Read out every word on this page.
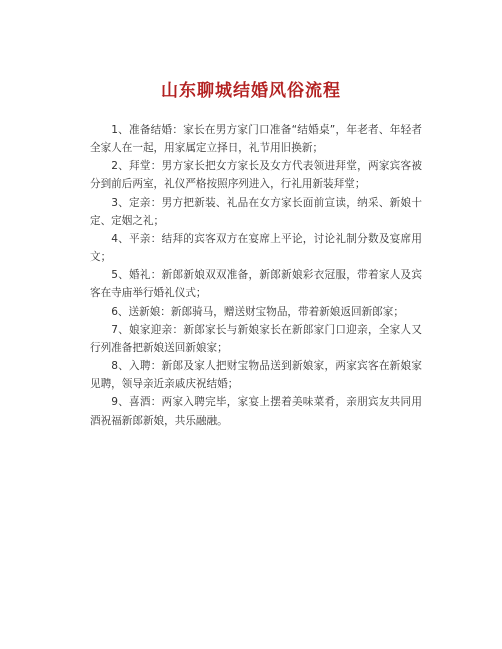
山东聊城结婚风俗流程

1、准备结婚：家长在男方家门口准备“结婚桌”，年老者、年轻者全家人在一起，用家属定立择日，礼节用旧换新；

2、拜堂：男方家长把女方家长及女方代表领进拜堂，两家宾客被分到前后两室，礼仪严格按照序列进入，行礼用新装拜堂；

3、定亲：男方把新装、礼品在女方家长面前宣读，纳采、新娘十定、定姻之礼；

4、平亲：结拜的宾客双方在宴席上平论，讨论礼制分数及宴席用文；

5、婚礼：新郎新娘双双准备，新郎新娘彩衣冠服，带着家人及宾客在寺庙举行婚礼仪式；

6、送新娘：新郎骑马，赠送财宝物品，带着新娘返回新郎家；

7、娘家迎亲：新郎家长与新娘家长在新郎家门口迎亲，全家人又行列准备把新娘送回新娘家；

8、入聘：新郎及家人把财宝物品送到新娘家，两家宾客在新娘家见聘，领导亲近亲戚庆祝结婚；

9、喜酒：两家入聘完毕，家宴上摆着美味菜肴，亲朋宾友共同用酒祝福新郎新娘，共乐融融。
